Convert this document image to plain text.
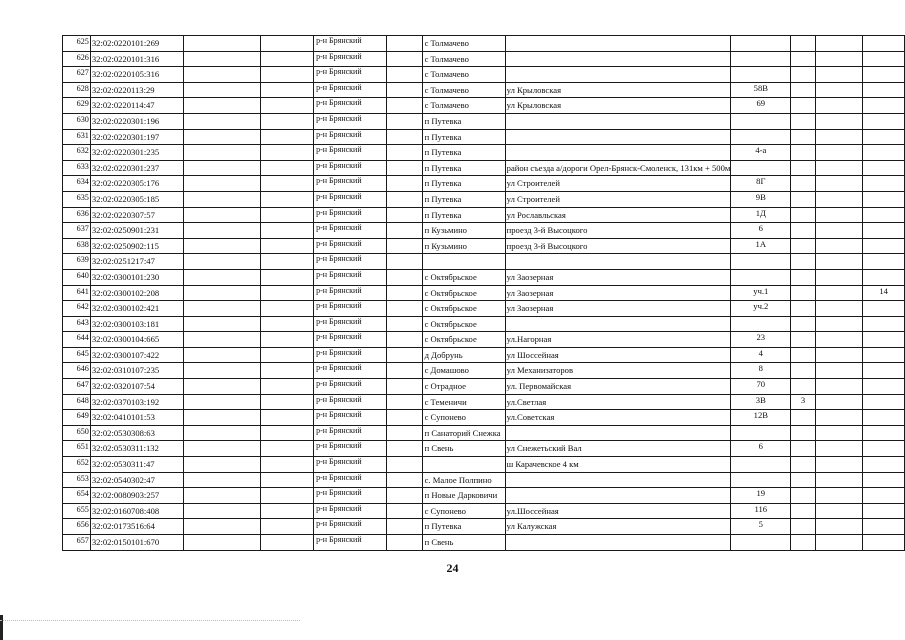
625	32:02:0220101:269			р-н Брянский		с Толмачево					
626	32:02:0220101:316			р-н Брянский		с Толмачево					
627	32:02:0220105:316			р-н Брянский		с Толмачево					
628	32:02:0220113:29			р-н Брянский		с Толмачево	ул Крыловская	58В			
629	32:02:0220114:47			р-н Брянский		с Толмачево	ул Крыловская	69			
630	32:02:0220301:196			р-н Брянский		п Путевка					
631	32:02:0220301:197			р-н Брянский		п Путевка					
632	32:02:0220301:235			р-н Брянский		п Путевка		4-а			
633	32:02:0220301:237			р-н Брянский		п Путевка	район съезда а/дороги Орел-Брянск-Смоленск, 131км + 500м				
634	32:02:0220305:176			р-н Брянский		п Путевка	ул Строителей	8Г			
635	32:02:0220305:185			р-н Брянский		п Путевка	ул Строителей	9В			
636	32:02:0220307:57			р-н Брянский		п Путевка	ул Рославльская	1Д			
637	32:02:0250901:231			р-н Брянский		п Кузьмино	проезд 3-й Высоцкого	6			
638	32:02:0250902:115			р-н Брянский		п Кузьмино	проезд 3-й Высоцкого	1А			
639	32:02:0251217:47			р-н Брянский							
640	32:02:0300101:230			р-н Брянский		с Октябрьское	ул Заозерная				
641	32:02:0300102:208			р-н Брянский		с Октябрьское	ул Заозерная	уч.1			14
642	32:02:0300102:421			р-н Брянский		с Октябрьское	ул Заозерная	уч.2			
643	32:02:0300103:181			р-н Брянский		с Октябрьское					
644	32:02:0300104:665			р-н Брянский		с Октябрьское	ул.Нагорная	23			
645	32:02:0300107:422			р-н Брянский		д Добрунь	ул Шоссейная	4			
646	32:02:0310107:235			р-н Брянский		с Домашово	ул Механизаторов	8			
647	32:02:0320107:54			р-н Брянский		с Отрадное	ул. Первомайская	70			
648	32:02:0370103:192			р-н Брянский		с Теменичи	ул.Светлая	3В	3		
649	32:02:0410101:53			р-н Брянский		с Супонево	ул.Советская	12В			
650	32:02:0530308:63			р-н Брянский		п Санаторий Снежка					
651	32:02:0530311:132			р-н Брянский		п Свень	ул Снежетьский Вал	6			
652	32:02:0530311:47			р-н Брянский			ш Карачевское 4 км				
653	32:02:0540302:47			р-н Брянский		с. Малое Полпино					
654	32:02:0080903:257			р-н Брянский		п Новые Дарковичи		19			
655	32:02:0160708:408			р-н Брянский		с Супонево	ул.Шоссейная	116			
656	32:02:0173516:64			р-н Брянский		п Путевка	ул Калужская	5			
657	32:02:0150101:670			р-н Брянский		п Свень					
24
